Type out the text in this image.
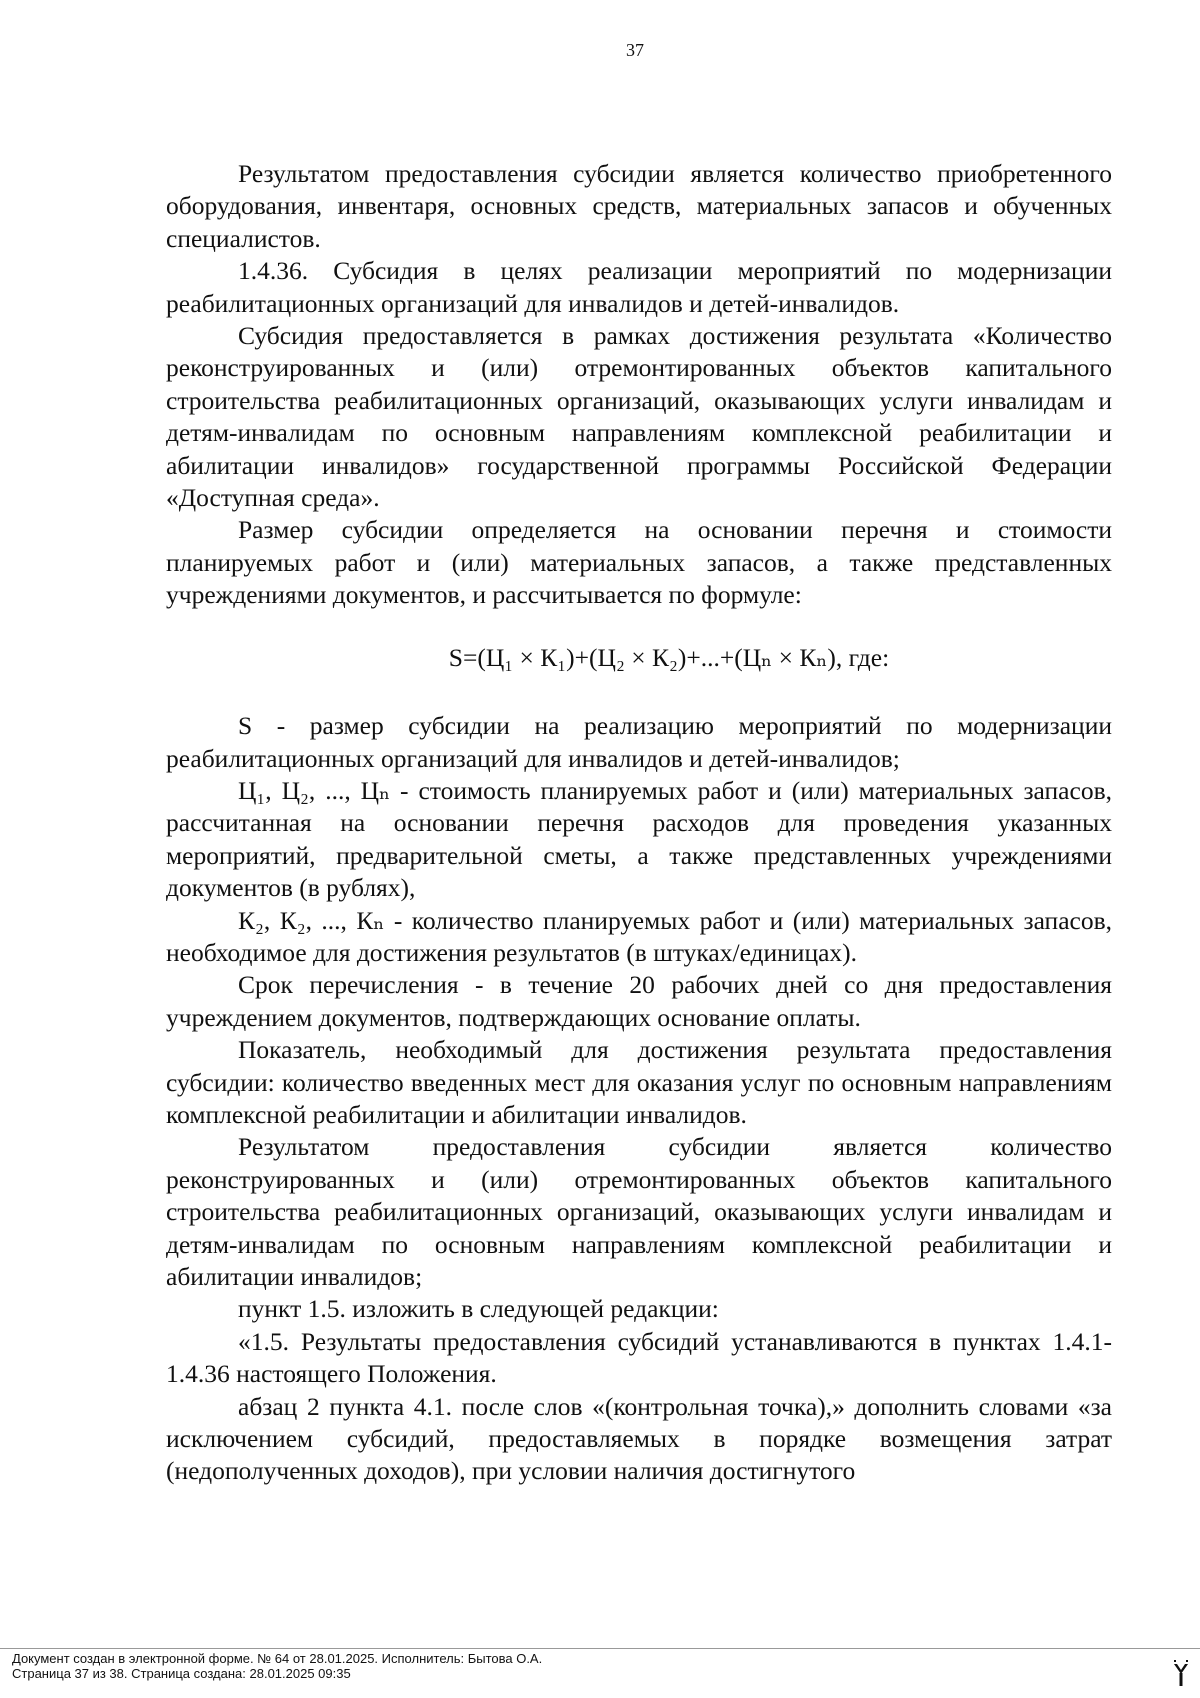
37

Результатом предоставления субсидии является количество приобретенного оборудования, инвентаря, основных средств, материальных запасов и обученных специалистов.

1.4.36. Субсидия в целях реализации мероприятий по модернизации реабилитационных организаций для инвалидов и детей-инвалидов.

Субсидия предоставляется в рамках достижения результата «Количество реконструированных и (или) отремонтированных объектов капитального строительства реабилитационных организаций, оказывающих услуги инвалидам и детям-инвалидам по основным направлениям комплексной реабилитации и абилитации инвалидов» государственной программы Российской Федерации «Доступная среда».

Размер субсидии определяется на основании перечня и стоимости планируемых работ и (или) материальных запасов, а также представленных учреждениями документов, и рассчитывается по формуле:

S=(Ц₁ × К₁)+(Ц₂ × К₂)+...+(Цₙ × Кₙ), где:

S - размер субсидии на реализацию мероприятий по модернизации реабилитационных организаций для инвалидов и детей-инвалидов;

Ц₁, Ц₂, ..., Цₙ - стоимость планируемых работ и (или) материальных запасов, рассчитанная на основании перечня расходов для проведения указанных мероприятий, предварительной сметы, а также представленных учреждениями документов (в рублях),

К₂, К₂, ..., Кₙ - количество планируемых работ и (или) материальных запасов, необходимое для достижения результатов (в штуках/единицах).

Срок перечисления - в течение 20 рабочих дней со дня предоставления учреждением документов, подтверждающих основание оплаты.

Показатель, необходимый для достижения результата предоставления субсидии: количество введенных мест для оказания услуг по основным направлениям комплексной реабилитации и абилитации инвалидов.

Результатом предоставления субсидии является количество реконструированных и (или) отремонтированных объектов капитального строительства реабилитационных организаций, оказывающих услуги инвалидам и детям-инвалидам по основным направлениям комплексной реабилитации и абилитации инвалидов;

пункт 1.5. изложить в следующей редакции:

«1.5. Результаты предоставления субсидий устанавливаются в пунктах 1.4.1-1.4.36 настоящего Положения.

абзац 2 пункта 4.1. после слов «(контрольная точка),» дополнить словами «за исключением субсидий, предоставляемых в порядке возмещения затрат (недополученных доходов), при условии наличия достигнутого

Документ создан в электронной форме. № 64 от 28.01.2025. Исполнитель: Бытова О.А.
Страница 37 из 38. Страница создана: 28.01.2025 09:35
